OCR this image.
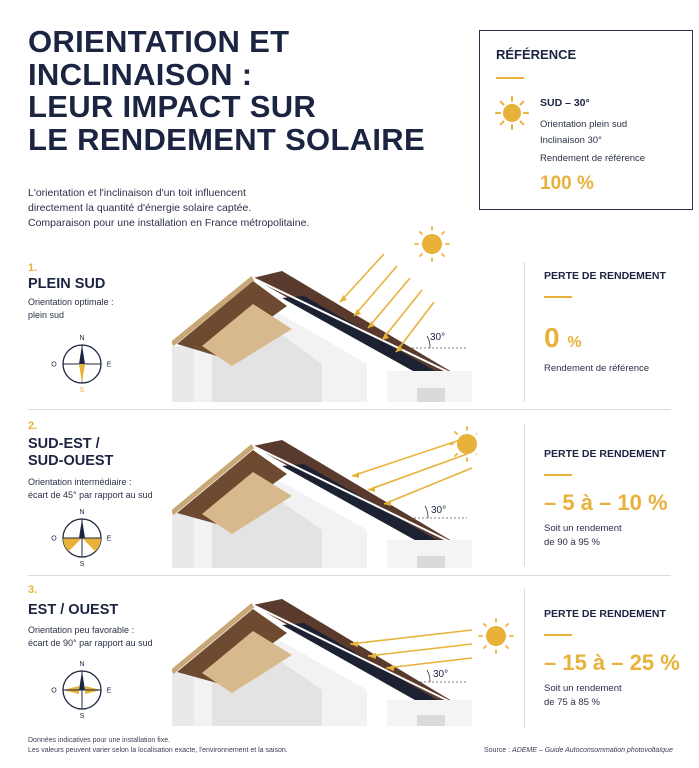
ORIENTATION ET
INCLINAISON :
LEUR IMPACT SUR
LE RENDEMENT SOLAIRE
L'orientation et l'inclinaison d'un toit influencent
directement la quantité d'énergie solaire captée.
Comparaison pour une installation en France métropolitaine.
RÉFÉRENCE
SUD – 30°
Orientation plein sud
Inclinaison 30°
Rendement de référence
100 %
1.
PLEIN SUD
Orientation optimale :
plein sud
N
S
E
O
30°
PERTE DE RENDEMENT
0 %
Rendement de référence
2.
SUD-EST /
SUD-OUEST
Orientation intermédiaire :
écart de 45° par rapport au sud
N
S
E
O
30°
PERTE DE RENDEMENT
– 5 à – 10 %
Soit un rendement
de 90 à 95 %
3.
EST / OUEST
Orientation peu favorable :
écart de 90° par rapport au sud
N
S
E
O
30°
PERTE DE RENDEMENT
– 15 à – 25 %
Soit un rendement
de 75 à 85 %
Données indicatives pour une installation fixe.
Les valeurs peuvent varier selon la localisation exacte, l'environnement et la saison.	Source : ADEME – Guide Autoconsommation photovoltaïque
